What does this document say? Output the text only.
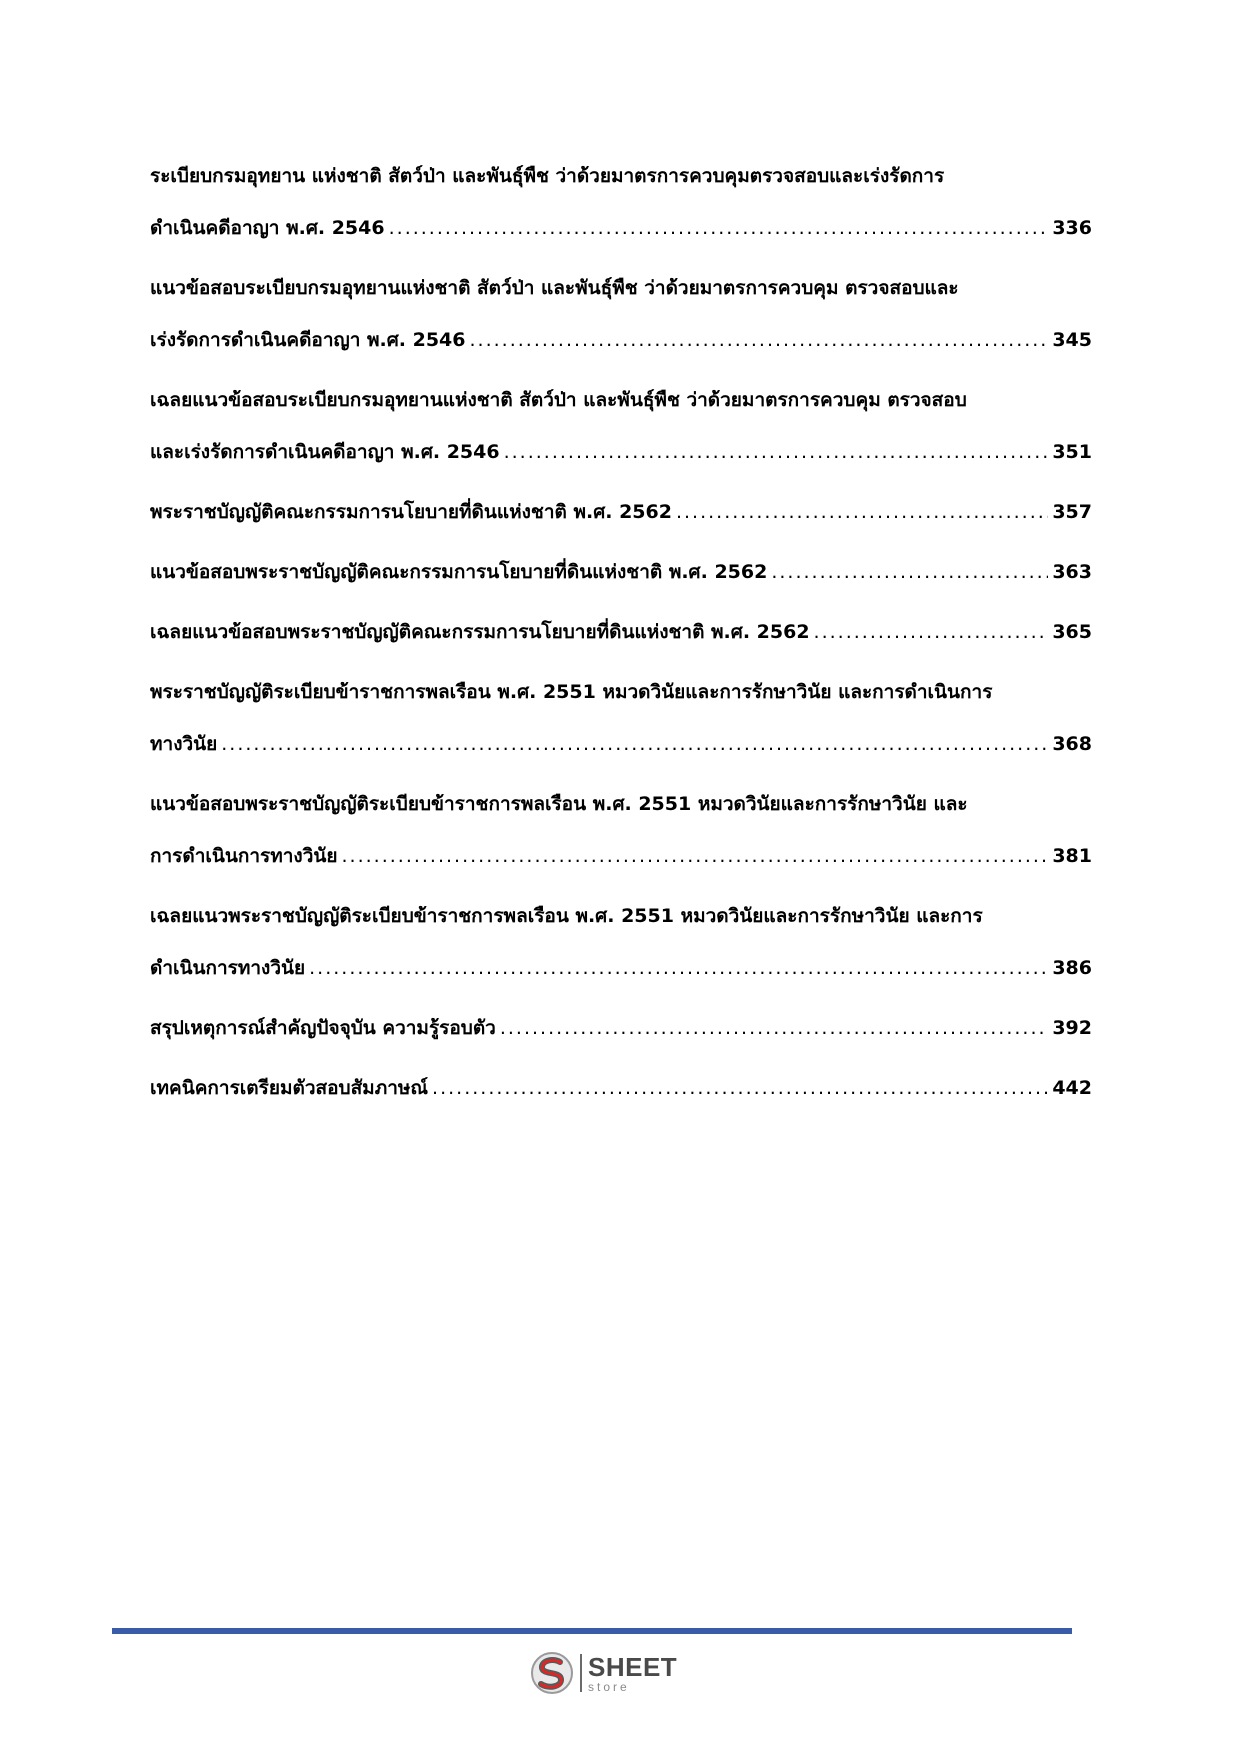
ระเบียบกรมอุทยาน แห่งชาติ สัตว์ป่า และพันธุ์พืช ว่าด้วยมาตรการควบคุมตรวจสอบและเร่งรัดการ
ดำเนินคดีอาญา พ.ศ. 2546 .....	336
แนวข้อสอบระเบียบกรมอุทยานแห่งชาติ สัตว์ป่า และพันธุ์พืช ว่าด้วยมาตรการควบคุม ตรวจสอบและ
เร่งรัดการดำเนินคดีอาญา พ.ศ. 2546 .....	345
เฉลยแนวข้อสอบระเบียบกรมอุทยานแห่งชาติ สัตว์ป่า และพันธุ์พืช ว่าด้วยมาตรการควบคุม ตรวจสอบ
และเร่งรัดการดำเนินคดีอาญา พ.ศ. 2546 .....	351
พระราชบัญญัติคณะกรรมการนโยบายที่ดินแห่งชาติ พ.ศ. 2562 .....	357
แนวข้อสอบพระราชบัญญัติคณะกรรมการนโยบายที่ดินแห่งชาติ พ.ศ. 2562 .....	363
เฉลยแนวข้อสอบพระราชบัญญัติคณะกรรมการนโยบายที่ดินแห่งชาติ พ.ศ. 2562 .....	365
พระราชบัญญัติระเบียบข้าราชการพลเรือน พ.ศ. 2551 หมวดวินัยและการรักษาวินัย และการดำเนินการ
ทางวินัย .....	368
แนวข้อสอบพระราชบัญญัติระเบียบข้าราชการพลเรือน พ.ศ. 2551 หมวดวินัยและการรักษาวินัย และ
การดำเนินการทางวินัย .....	381
เฉลยแนวพระราชบัญญัติระเบียบข้าราชการพลเรือน พ.ศ. 2551 หมวดวินัยและการรักษาวินัย และการ
ดำเนินการทางวินัย .....	386
สรุปเหตุการณ์สำคัญปัจจุบัน ความรู้รอบตัว .....	392
เทคนิคการเตรียมตัวสอบสัมภาษณ์ .....	442
SHEET
store
